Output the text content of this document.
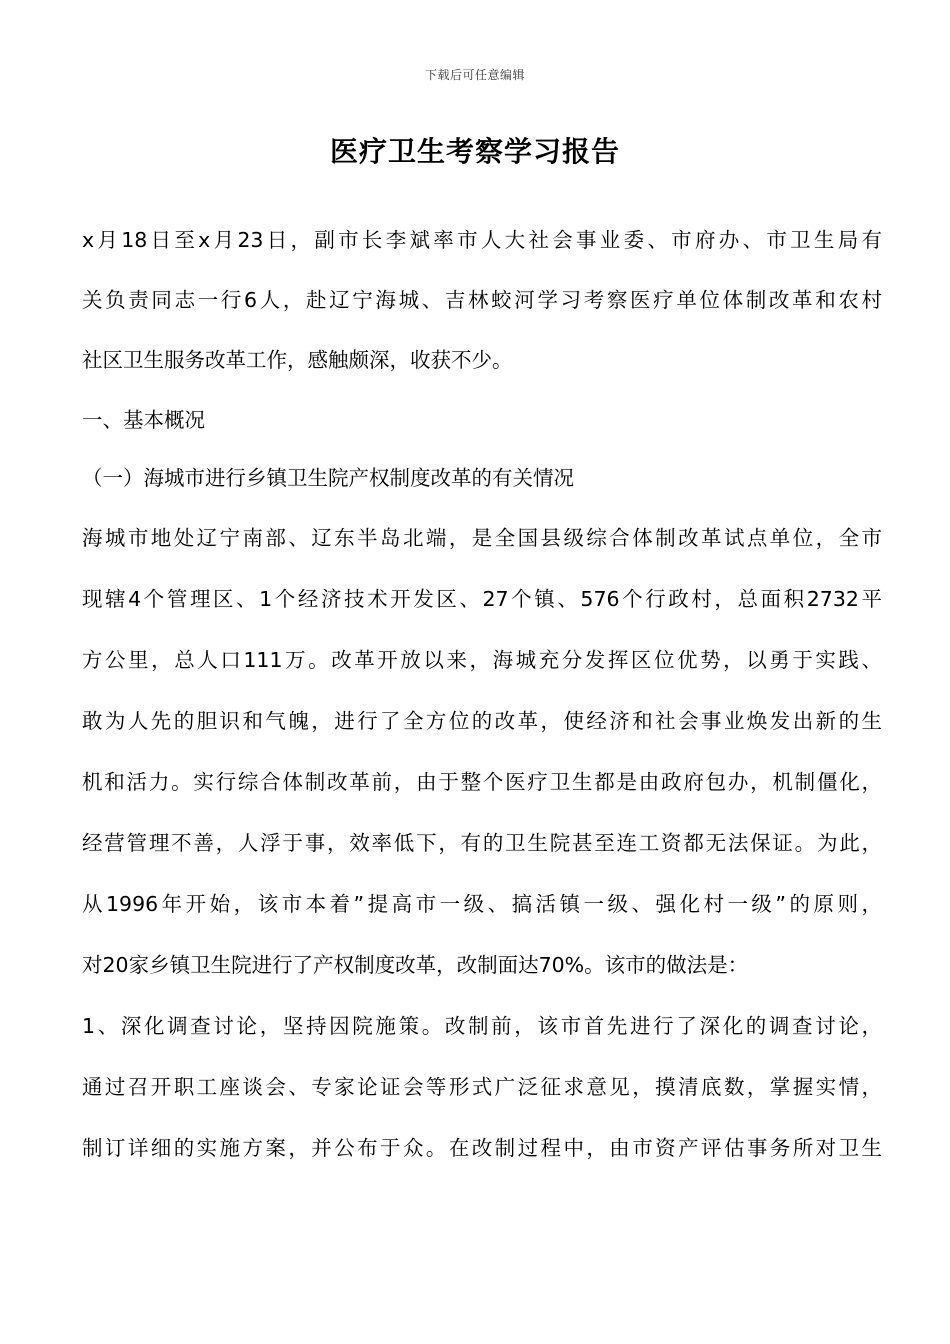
下载后可任意编辑
医疗卫生考察学习报告
x月18日至x月23日，副市长李斌率市人大社会事业委、市府办、市卫生局有
关负责同志一行6人，赴辽宁海城、吉林蛟河学习考察医疗单位体制改革和农村
社区卫生服务改革工作，感触颇深，收获不少。
一、基本概况
（一）海城市进行乡镇卫生院产权制度改革的有关情况
海城市地处辽宁南部、辽东半岛北端，是全国县级综合体制改革试点单位，全市
现辖4个管理区、1个经济技术开发区、27个镇、576个行政村，总面积2732平
方公里，总人口111万。改革开放以来，海城充分发挥区位优势，以勇于实践、
敢为人先的胆识和气魄，进行了全方位的改革，使经济和社会事业焕发出新的生
机和活力。实行综合体制改革前，由于整个医疗卫生都是由政府包办，机制僵化，
经营管理不善，人浮于事，效率低下，有的卫生院甚至连工资都无法保证。为此，
从1996年开始，该市本着”提高市一级、搞活镇一级、强化村一级”的原则，
对20家乡镇卫生院进行了产权制度改革，改制面达70%。该市的做法是：
1、深化调查讨论，坚持因院施策。改制前，该市首先进行了深化的调查讨论，
通过召开职工座谈会、专家论证会等形式广泛征求意见，摸清底数，掌握实情，
制订详细的实施方案，并公布于众。在改制过程中，由市资产评估事务所对卫生
